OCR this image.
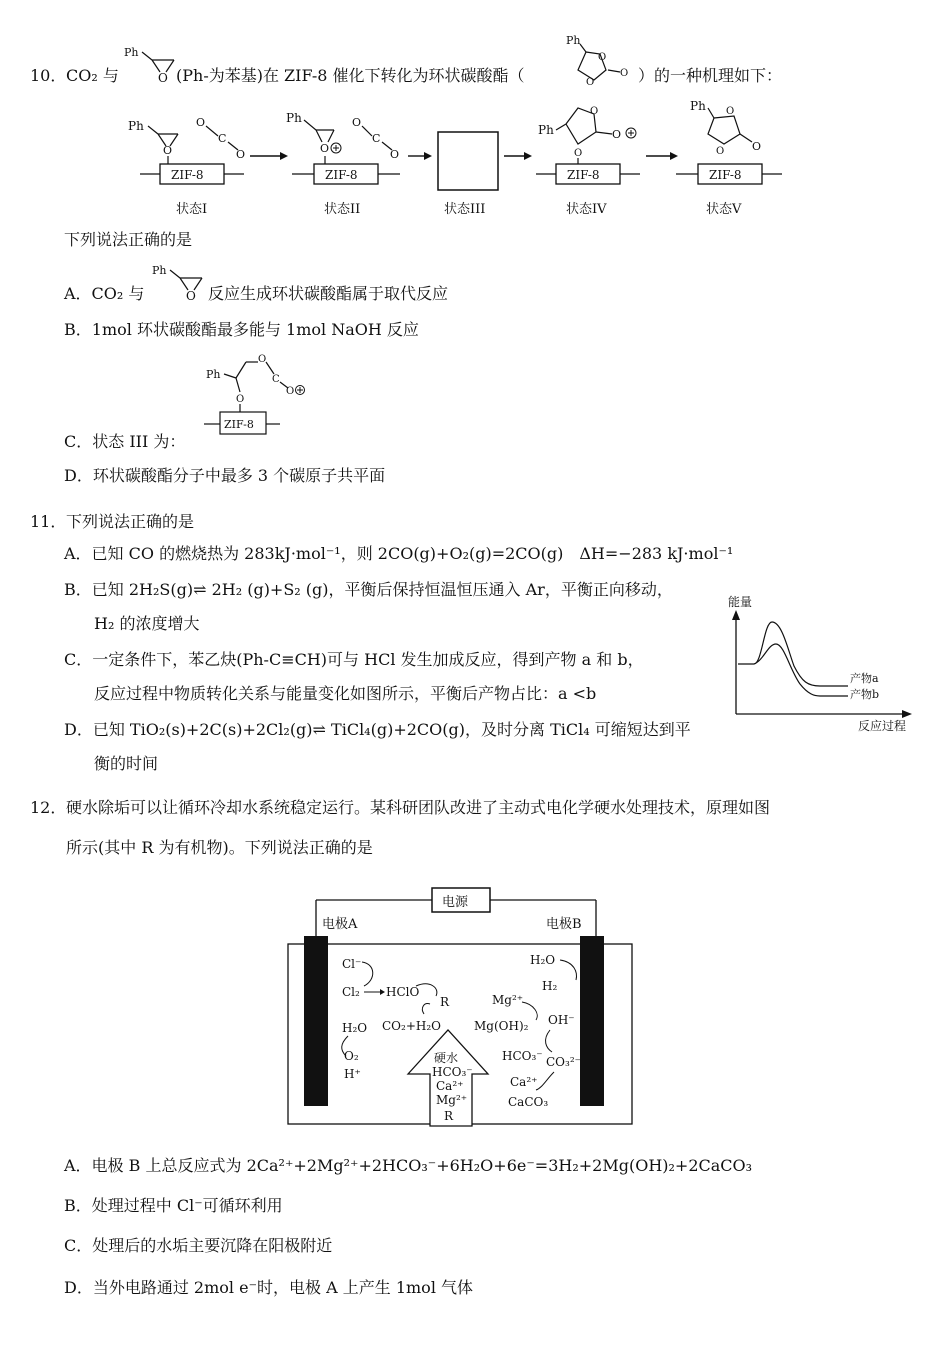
10． CO₂ 与
Ph
O (Ph-为苯基)在 ZIF-8 催化下转化为环状碳酸酯（
Ph
O
O
O ）的一种机理如下：
Ph
O
O
C
O
ZIF-8
状态I
Ph
O
O
C
O
ZIF-8
状态II	状态III
Ph
O
O
O
ZIF-8
状态IV
Ph O
O	O
ZIF-8
状态V
下列说法正确的是
A．CO₂ 与
Ph
O 反应生成环状碳酸酯属于取代反应
B．1mol 环状碳酸酯最多能与 1mol NaOH 反应
Ph
O
C
O
O
ZIF-8
C．状态 III 为：
D．环状碳酸酯分子中最多 3 个碳原子共平面
11． 下列说法正确的是
A．已知 CO 的燃烧热为 283kJ·mol⁻¹，则 2CO(g)+O₂(g)=2CO(g)　ΔH=−283 kJ·mol⁻¹
B．已知 2H₂S(g)⇌ 2H₂ (g)+S₂ (g)，平衡后保持恒温恒压通入 Ar，平衡正向移动，
H₂ 的浓度增大
C．一定条件下，苯乙炔(Ph-C≡CH)可与 HCl 发生加成反应，得到产物 a 和 b，
反应过程中物质转化关系与能量变化如图所示，平衡后产物占比：a <b
D．已知 TiO₂(s)+2C(s)+2Cl₂(g)⇌ TiCl₄(g)+2CO(g)，及时分离 TiCl₄ 可缩短达到平
衡的时间
能量
产物a
产物b
反应过程
12． 硬水除垢可以让循环冷却水系统稳定运行。某科研团队改进了主动式电化学硬水处理技术，原理如图
所示(其中 R 为有机物)。下列说法正确的是
电源
电极A	电极B
Cl⁻
Cl₂ HClO
R
H₂O CO₂+H₂O
O₂
H⁺
硬水
HCO₃⁻
Ca²⁺
Mg²⁺
R
H₂O
H₂
Mg²⁺
Mg(OH)₂ OH⁻
HCO₃⁻ CO₃²⁻
Ca²⁺
CaCO₃
A．电极 B 上总反应式为 2Ca²⁺+2Mg²⁺+2HCO₃⁻+6H₂O+6e⁻=3H₂+2Mg(OH)₂+2CaCO₃
B．处理过程中 Cl⁻可循环利用
C．处理后的水垢主要沉降在阳极附近
D．当外电路通过 2mol e⁻时，电极 A 上产生 1mol 气体
